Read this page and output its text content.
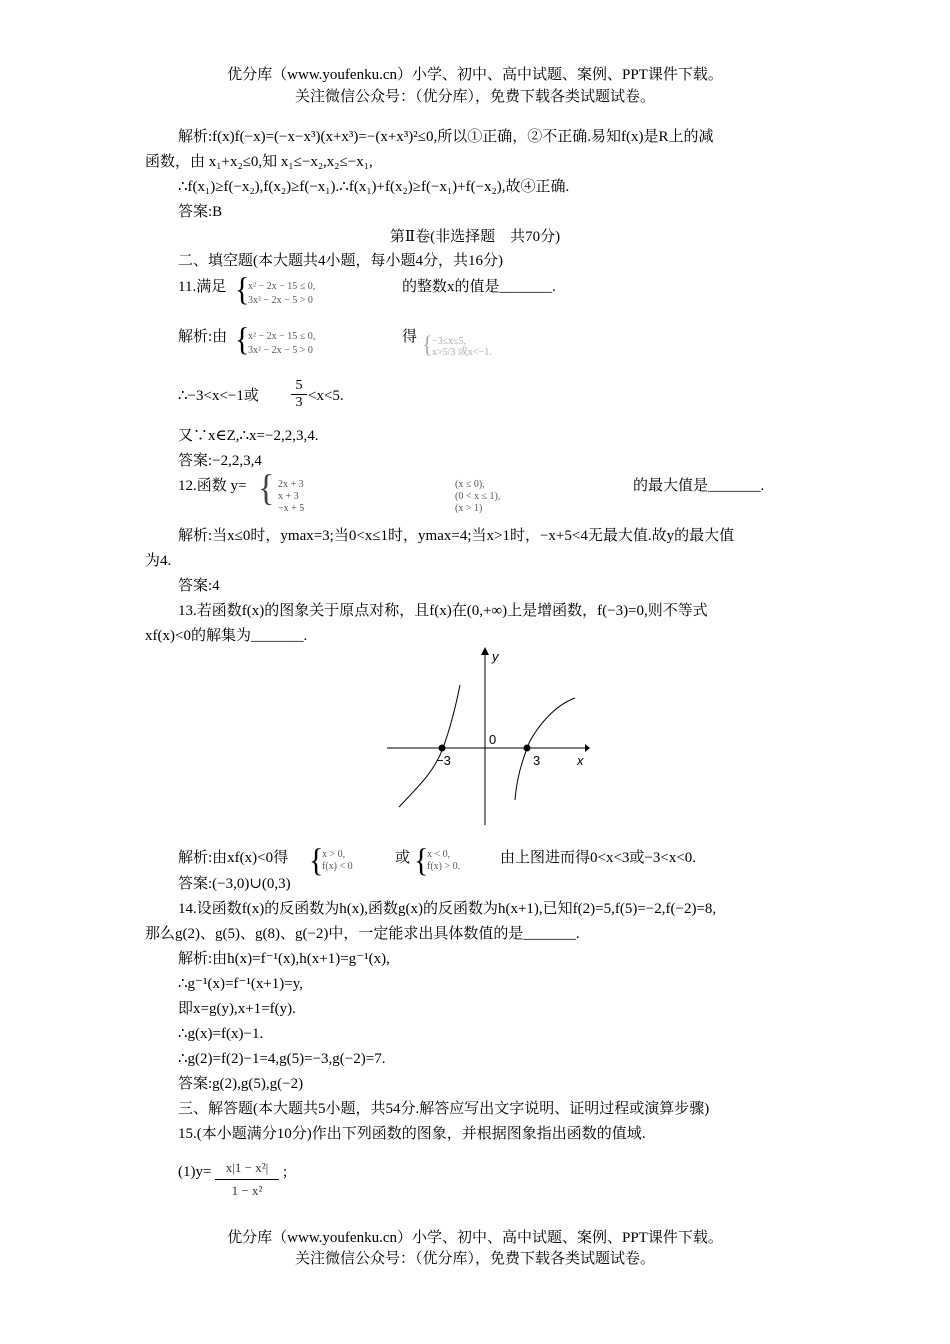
优分库（www.youfenku.cn）小学、初中、高中试题、案例、PPT课件下载。
关注微信公众号：（优分库），免费下载各类试题试卷。
解析:f(x)f(−x)=(−x−x³)(x+x³)=−(x+x³)²≤0,所以①正确，②不正确.易知f(x)是R上的减
函数，由 x₁+x₂≤0,知 x₁≤−x₂,x₂≤−x₁,
∴f(x₁)≥f(−x₂),f(x₂)≥f(−x₁).∴f(x₁)+f(x₂)≥f(−x₁)+f(−x₂),故④正确.
答案:B
第Ⅱ卷(非选择题　共70分)
二、填空题(本大题共4小题，每小题4分，共16分)
11.满足 {
x² − 2x − 15 ≤ 0,
3x² − 2x − 5 > 0
的整数x的值是_______.
解析:由 {
x² − 2x − 15 ≤ 0,
3x² − 2x − 5 > 0
得 { −3≤x≤5,
x>5/3 或x<−1.
∴−3<x<−1或 $\frac{5}{3} <x<5$.
又∵x∈Z,∴x=−2,2,3,4.
答案:−2,2,3,4
12.函数 y= { 2x + 3	(x ≤ 0),
x + 3	(0 < x ≤ 1),
−x + 5	(x > 1)
的最大值是_______.
解析:当x≤0时，ymax=3;当0<x≤1时，ymax=4;当x>1时，−x+5<4无最大值.故y的最大值
为4.
答案:4
13.若函数f(x)的图象关于原点对称，且f(x)在(0,+∞)上是增函数，f(−3)=0,则不等式
xf(x)<0的解集为_______.
y
x
0
−3	3
解析:由xf(x)<0得 {
x > 0,
f(x) < 0
或 {
x < 0,
f(x) > 0.
由上图进而得0<x<3或−3<x<0.
答案:(−3,0)∪(0,3)
14.设函数f(x)的反函数为h(x),函数g(x)的反函数为h(x+1),已知f(2)=5,f(5)=−2,f(−2)=8,
那么g(2)、g(5)、g(8)、g(−2)中，一定能求出具体数值的是_______.
解析:由h(x)=f⁻¹(x),h(x+1)=g⁻¹(x),
∴g⁻¹(x)=f⁻¹(x+1)=y,
即x=g(y),x+1=f(y).
∴g(x)=f(x)−1.
∴g(2)=f(2)−1=4,g(5)=−3,g(−2)=7.
答案:g(2),g(5),g(−2)
三、解答题(本大题共5小题，共54分.解答应写出文字说明、证明过程或演算步骤)
15.(本小题满分10分)作出下列函数的图象，并根据图象指出函数的值域.
$(1)y= \frac{\text{x|1 − x²|}}{\text{1 − x²}}$ ;
优分库（www.youfenku.cn）小学、初中、高中试题、案例、PPT课件下载。
关注微信公众号：（优分库），免费下载各类试题试卷。
